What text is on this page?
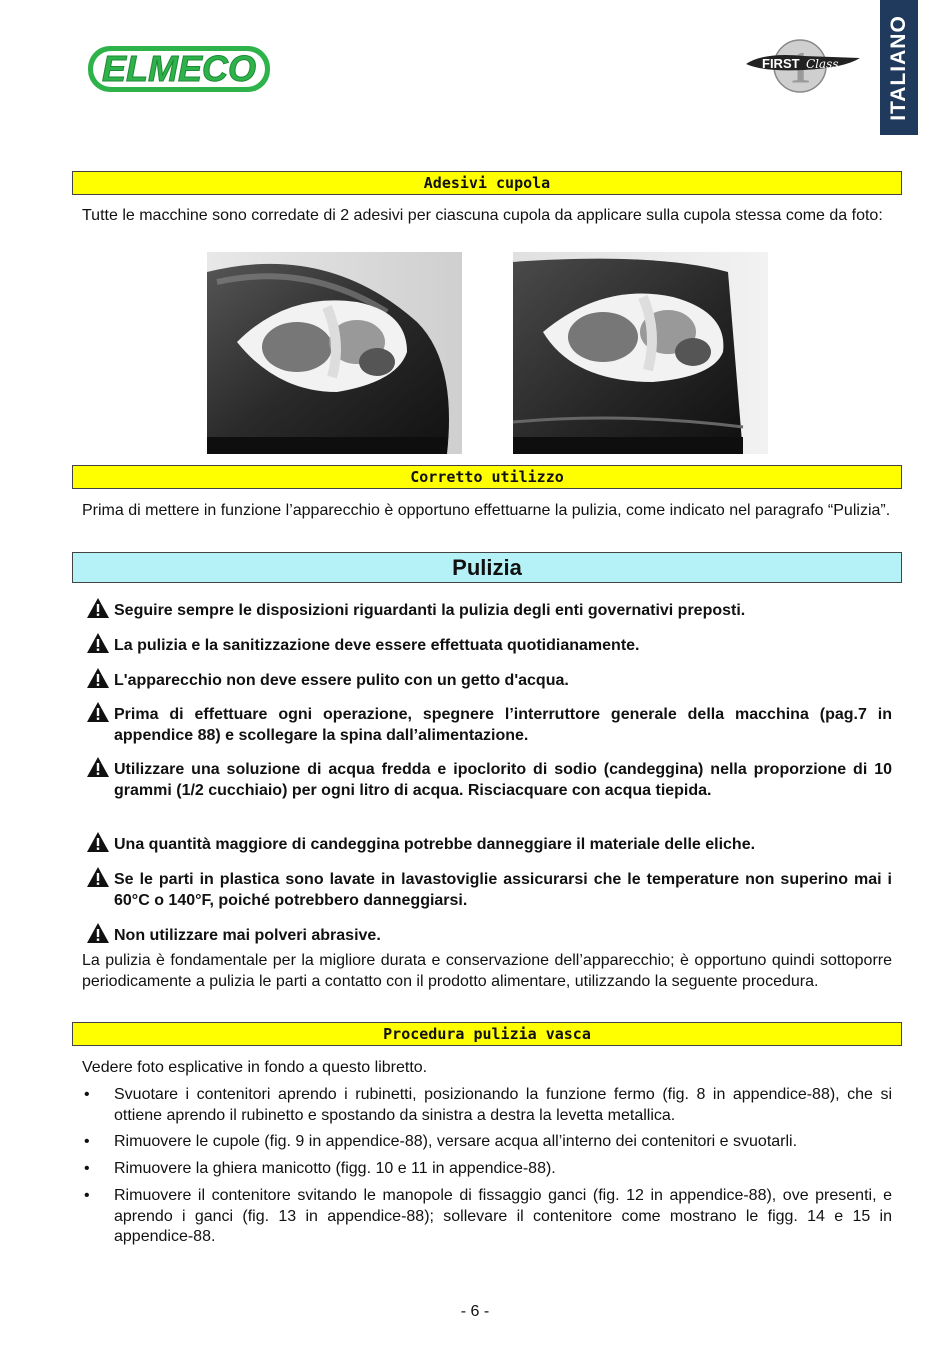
ELMECO	FIRST Class ITALIANO
Adesivi cupola

Tutte le macchine sono corredate di 2 adesivi per ciascuna cupola da applicare sulla cupola stessa come da foto:

Corretto utilizzo

Prima di mettere in funzione l’apparecchio è opportuno effettuarne la pulizia, come indicato nel paragrafo “Pulizia”.

Pulizia
Seguire sempre le disposizioni riguardanti la pulizia degli enti governativi preposti.
La pulizia e la sanitizzazione deve essere effettuata quotidianamente.
L'apparecchio non deve essere pulito con un getto d'acqua.
Prima di effettuare ogni operazione, spegnere l’interruttore generale della macchina (pag.7 in appendice 88) e scollegare la spina dall’alimentazione.
Utilizzare una soluzione di acqua fredda e ipoclorito di sodio (candeggina) nella proporzione di 10 grammi (1/2 cucchiaio) per ogni litro di acqua. Risciacquare con acqua tiepida.
Una quantità maggiore di candeggina potrebbe danneggiare il materiale delle eliche.
Se le parti in plastica sono lavate in lavastoviglie assicurarsi che le temperature non superino mai i 60°C o 140°F, poiché potrebbero danneggiarsi.
Non utilizzare mai polveri abrasive.

La pulizia è fondamentale per la migliore durata e conservazione dell’apparecchio; è opportuno quindi sottoporre periodicamente a pulizia le parti a contatto con il prodotto alimentare, utilizzando la seguente procedura.

Procedura pulizia vasca

Vedere foto esplicative in fondo a questo libretto.

•	Svuotare i contenitori aprendo i rubinetti, posizionando la funzione fermo (fig. 8 in appendice-88), che si ottiene aprendo il rubinetto e spostando da sinistra a destra la levetta metallica.
•	Rimuovere le cupole (fig. 9 in appendice-88), versare acqua all’interno dei contenitori e svuotarli.
•	Rimuovere la ghiera manicotto (figg. 10 e 11 in appendice-88).
•	Rimuovere il contenitore svitando le manopole di fissaggio ganci (fig. 12 in appendice-88), ove presenti, e aprendo i ganci (fig. 13 in appendice-88); sollevare il contenitore come mostrano le figg. 14 e 15 in appendice-88.
- 6 -
